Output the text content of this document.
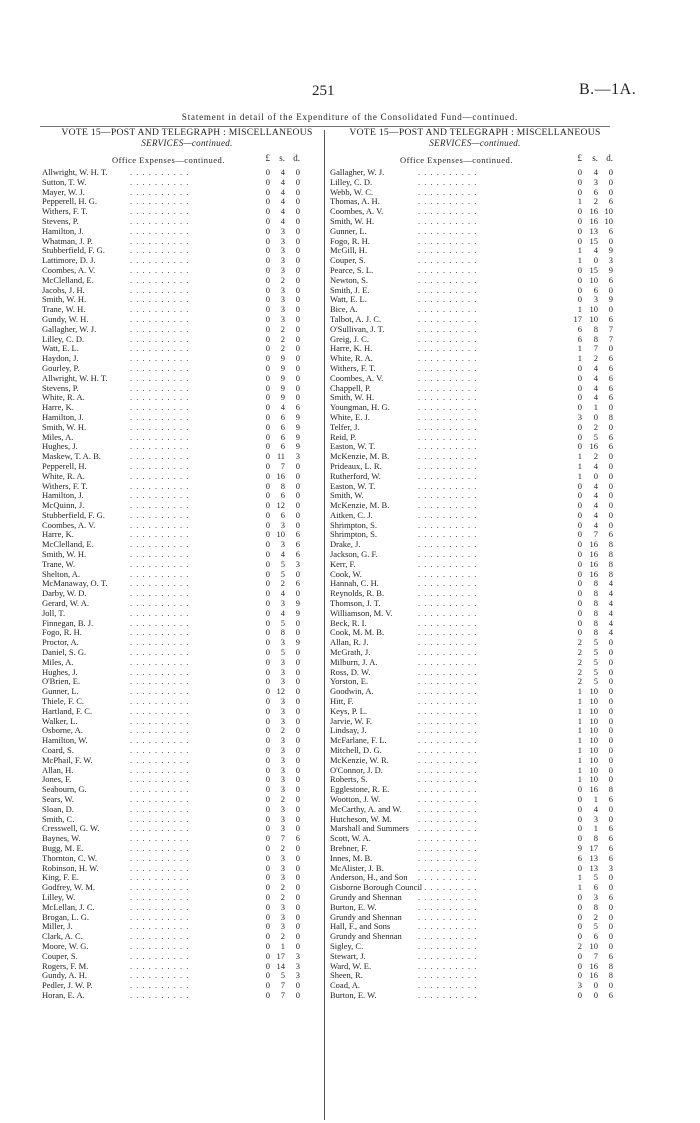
251	B.—1A.
Statement in detail of the Expenditure of the Consolidated Fund—continued.
VOTE 15—POST AND TELEGRAPH : MISCELLANEOUS
SERVICES—continued.
Office Expenses—continued.	£	s. d.
Allwright, W. H. T.	. . . . . . . . . .	0	4	0
Sutton, T. W.	. . . . . . . . . .	0	4	0
Mayer, W. J.	. . . . . . . . . .	0	4	0
Pepperell, H. G.	. . . . . . . . . .	0	4	0
Withers, F. T.	. . . . . . . . . .	0	4	0
Stevens, P.	. . . . . . . . . .	0	4	0
Hamilton, J.	. . . . . . . . . .	0	3	0
Whatman, J. P.	. . . . . . . . . .	0	3	0
Stubberfield, F. G.	. . . . . . . . . .	0	3	0
Lattimore, D. J.	. . . . . . . . . .	0	3	0
Coombes, A. V.	. . . . . . . . . .	0	3	0
McClelland, E.	. . . . . . . . . .	0	2	0
Jacobs, J. H.	. . . . . . . . . .	0	3	0
Smith, W. H.	. . . . . . . . . .	0	3	0
Trane, W. H.	. . . . . . . . . .	0	3	0
Gundy, W. H.	. . . . . . . . . .	0	3	0
Gallagher, W. J.	. . . . . . . . . .	0	2	0
Lilley, C. D.	. . . . . . . . . .	0	2	0
Watt, E. L.	. . . . . . . . . .	0	2	0
Haydon, J.	. . . . . . . . . .	0	9	0
Gourley, P.	. . . . . . . . . .	0	9	0
Allwright, W. H. T.	. . . . . . . . . .	0	9	0
Stevens, P.	. . . . . . . . . .	0	9	0
White, R. A.	. . . . . . . . . .	0	9	0
Harre, K.	. . . . . . . . . .	0	4	6
Hamilton, J.	. . . . . . . . . .	0	6	9
Smith, W. H.	. . . . . . . . . .	0	6	9
Miles, A.	. . . . . . . . . .	0	6	9
Hughes, J.	. . . . . . . . . .	0	6	9
Maskew, T. A. B.	. . . . . . . . . .	0 11	3
Pepperell, H.	. . . . . . . . . .	0	7	0
White, R. A.	. . . . . . . . . .	0 16	0
Withers, F. T.	. . . . . . . . . .	0	8	0
Hamilton, J.	. . . . . . . . . .	0	6	0
McQuinn, J.	. . . . . . . . . .	0 12	0
Stubberfield, F. G.	. . . . . . . . . .	0	6	0
Coombes, A. V.	. . . . . . . . . .	0	3	0
Harre, K.	. . . . . . . . . .	0 10	6
McClelland, E.	. . . . . . . . . .	0	3	6
Smith, W. H.	. . . . . . . . . .	0	4	6
Trane, W.	. . . . . . . . . .	0	5	3
Shelton, A.	. . . . . . . . . .	0	5	0
McManaway, O. T.	. . . . . . . . . .	0	2	6
Darby, W. D.	. . . . . . . . . .	0	4	0
Gerard, W. A.	. . . . . . . . . .	0	3	9
Joll, T.	. . . . . . . . . .	0	4	9
Finnegan, B. J.	. . . . . . . . . .	0	5	0
Fogo, R. H.	. . . . . . . . . .	0	8	0
Proctor, A.	. . . . . . . . . .	0	3	9
Daniel, S. G.	. . . . . . . . . .	0	5	0
Miles, A.	. . . . . . . . . .	0	3	0
Hughes, J.	. . . . . . . . . .	0	3	0
O'Brien, E.	. . . . . . . . . .	0	3	0
Gunner, L.	. . . . . . . . . .	0 12	0
Thiele, F. C.	. . . . . . . . . .	0	3	0
Hartland, F. C.	. . . . . . . . . .	0	3	0
Walker, L.	. . . . . . . . . .	0	3	0
Osborne, A.	. . . . . . . . . .	0	2	0
Hamilton, W.	. . . . . . . . . .	0	3	0
Coard, S.	. . . . . . . . . .	0	3	0
McPhail, F. W.	. . . . . . . . . .	0	3	0
Allan, H.	. . . . . . . . . .	0	3	0
Jones, F.	. . . . . . . . . .	0	3	0
Seabourn, G.	. . . . . . . . . .	0	3	0
Sears, W.	. . . . . . . . . .	0	2	0
Sloan, D.	. . . . . . . . . .	0	3	0
Smith, C.	. . . . . . . . . .	0	3	0
Cresswell, G. W.	. . . . . . . . . .	0	3	0
Baynes, W.	. . . . . . . . . .	0	7	6
Bugg, M. E.	. . . . . . . . . .	0	2	0
Thornton, C. W.	. . . . . . . . . .	0	3	0
Robinson, H. W.	. . . . . . . . . .	0	3	0
King, F. E.	. . . . . . . . . .	0	3	0
Godfrey, W. M.	. . . . . . . . . .	0	2	0
Lilley, W.	. . . . . . . . . .	0	2	0
McLellan, J. C.	. . . . . . . . . .	0	3	0
Brogan, L. G.	. . . . . . . . . .	0	3	0
Miller, J.	. . . . . . . . . .	0	3	0
Clark, A. C.	. . . . . . . . . .	0	2	0
Moore, W. G.	. . . . . . . . . .	0	1	0
Couper, S.	. . . . . . . . . .	0 17	3
Rogers, F. M.	. . . . . . . . . .	0 14	3
Gundy, A. H.	. . . . . . . . . .	0	5	3
Pedler, J. W. P.	. . . . . . . . . .	0	7	0
Horan, E. A.	. . . . . . . . . .	0	7	0
VOTE 15—POST AND TELEGRAPH : MISCELLANEOUS
SERVICES—continued.
Office Expenses—continued.	£	s. d.
Gallagher, W. J.	. . . . . . . . . .	0	4	0
Lilley, C. D.	. . . . . . . . . .	0	3	0
Webb, W. C.	. . . . . . . . . .	0	6	0
Thomas, A. H.	. . . . . . . . . .	1	2	6
Coombes, A. V.	. . . . . . . . . .	0 16 10
Smith, W. H.	. . . . . . . . . .	0 16 10
Gunner, L.	. . . . . . . . . .	0 13	6
Fogo, R. H.	. . . . . . . . . .	0 15	0
McGill, H.	. . . . . . . . . .	1	4	9
Couper, S.	. . . . . . . . . .	1	0	3
Pearce, S. L.	. . . . . . . . . .	0 15	9
Newton, S.	. . . . . . . . . .	0 10	6
Smith, J. E.	. . . . . . . . . .	0	6	0
Watt, E. L.	. . . . . . . . . .	0	3	9
Bice, A.	. . . . . . . . . .	1 10	0
Talbot, A. J. C.	. . . . . . . . . .	17 10	6
O'Sullivan, J. T.	. . . . . . . . . .	6	8	7
Greig, J. C.	. . . . . . . . . .	6	8	7
Harre, K. H.	. . . . . . . . . .	1	7	0
White, R. A.	. . . . . . . . . .	1	2	6
Withers, F. T.	. . . . . . . . . .	0	4	6
Coombes, A. V.	. . . . . . . . . .	0	4	6
Chappell, P.	. . . . . . . . . .	0	4	6
Smith, W. H.	. . . . . . . . . .	0	4	6
Youngman, H. G.	. . . . . . . . . .	0	1	0
White, E. J.	. . . . . . . . . .	3	0	8
Telfer, J.	. . . . . . . . . .	0	2	0
Reid, P.	. . . . . . . . . .	0	5	6
Easton, W. T.	. . . . . . . . . .	0 16	6
McKenzie, M. B.	. . . . . . . . . .	1	2	0
Prideaux, L. R.	. . . . . . . . . .	1	4	0
Rutherford, W.	. . . . . . . . . .	1	0	0
Easton, W. T.	. . . . . . . . . .	0	4	0
Smith, W.	. . . . . . . . . .	0	4	0
McKenzie, M. B.	. . . . . . . . . .	0	4	0
Aitken, C. J.	. . . . . . . . . .	0	4	0
Shrimpton, S.	. . . . . . . . . .	0	4	0
Shrimpton, S.	. . . . . . . . . .	0	7	6
Drake, J.	. . . . . . . . . .	0 16	8
Jackson, G. F.	. . . . . . . . . .	0 16	8
Kerr, F.	. . . . . . . . . .	0 16	8
Cook, W.	. . . . . . . . . .	0 16	8
Hannah, C. H.	. . . . . . . . . .	0	8	4
Reynolds, R. B.	. . . . . . . . . .	0	8	4
Thomson, J. T.	. . . . . . . . . .	0	8	4
Williamson, M. V.	. . . . . . . . . .	0	8	4
Beck, R. I.	. . . . . . . . . .	0	8	4
Cook, M. M. B.	. . . . . . . . . .	0	8	4
Allan, R. J.	. . . . . . . . . .	2	5	0
McGrath, J.	. . . . . . . . . .	2	5	0
Milburn, J. A.	. . . . . . . . . .	2	5	0
Ross, D. W.	. . . . . . . . . .	2	5	0
Yorston, E.	. . . . . . . . . .	2	5	0
Goodwin, A.	. . . . . . . . . .	1 10	0
Hitt, F.	. . . . . . . . . .	1 10	0
Keys, P. L.	. . . . . . . . . .	1 10	0
Jarvie, W. F.	. . . . . . . . . .	1 10	0
Lindsay, J.	. . . . . . . . . .	1 10	0
McFarlane, F. L.	. . . . . . . . . .	1 10	0
Mitchell, D. G.	. . . . . . . . . .	1 10	0
McKenzie, W. R.	. . . . . . . . . .	1 10	0
O'Connor, J. D.	. . . . . . . . . .	1 10	0
Roberts, S.	. . . . . . . . . .	1 10	0
Egglestone, R. E.	. . . . . . . . . .	0 16	8
Wootton, J. W.	. . . . . . . . . .	0	1	6
McCarthy, A. and W. . . . . . . . . . .	0	4	0
Hutcheson, W. M.	. . . . . . . . . .	0	3	0
Marshall and Summers . . . . . . . . . .	0	1	6
Scott, W. A.	. . . . . . . . . .	0	8	6
Brebner, F.	. . . . . . . . . .	9 17	6
Innes, M. B.	. . . . . . . . . .	6 13	6
McAlister, J. B.	. . . . . . . . . .	0 13	3
Anderson, H., and Son . . . . . . . . . .	1	5	0
Gisborne Borough Council
. . . . . . . . . .	1	6	0
Grundy and Shennan . . . . . . . . . .	0	3	6
Burton, E. W.	. . . . . . . . . .	0	8	0
Grundy and Shennan . . . . . . . . . .	0	2	0
Hall, F., and Sons	. . . . . . . . . .	0	5	0
Grundy and Shennan . . . . . . . . . .	0	6	0
Sigley, C.	. . . . . . . . . .	2 10	0
Stewart, J.	. . . . . . . . . .	0	7	6
Ward, W. E.	. . . . . . . . . .	0 16	8
Sheen, R.	. . . . . . . . . .	0 16	8
Coad, A.	. . . . . . . . . .	3	0	0
Burton, E. W.	. . . . . . . . . .	0	0	6
